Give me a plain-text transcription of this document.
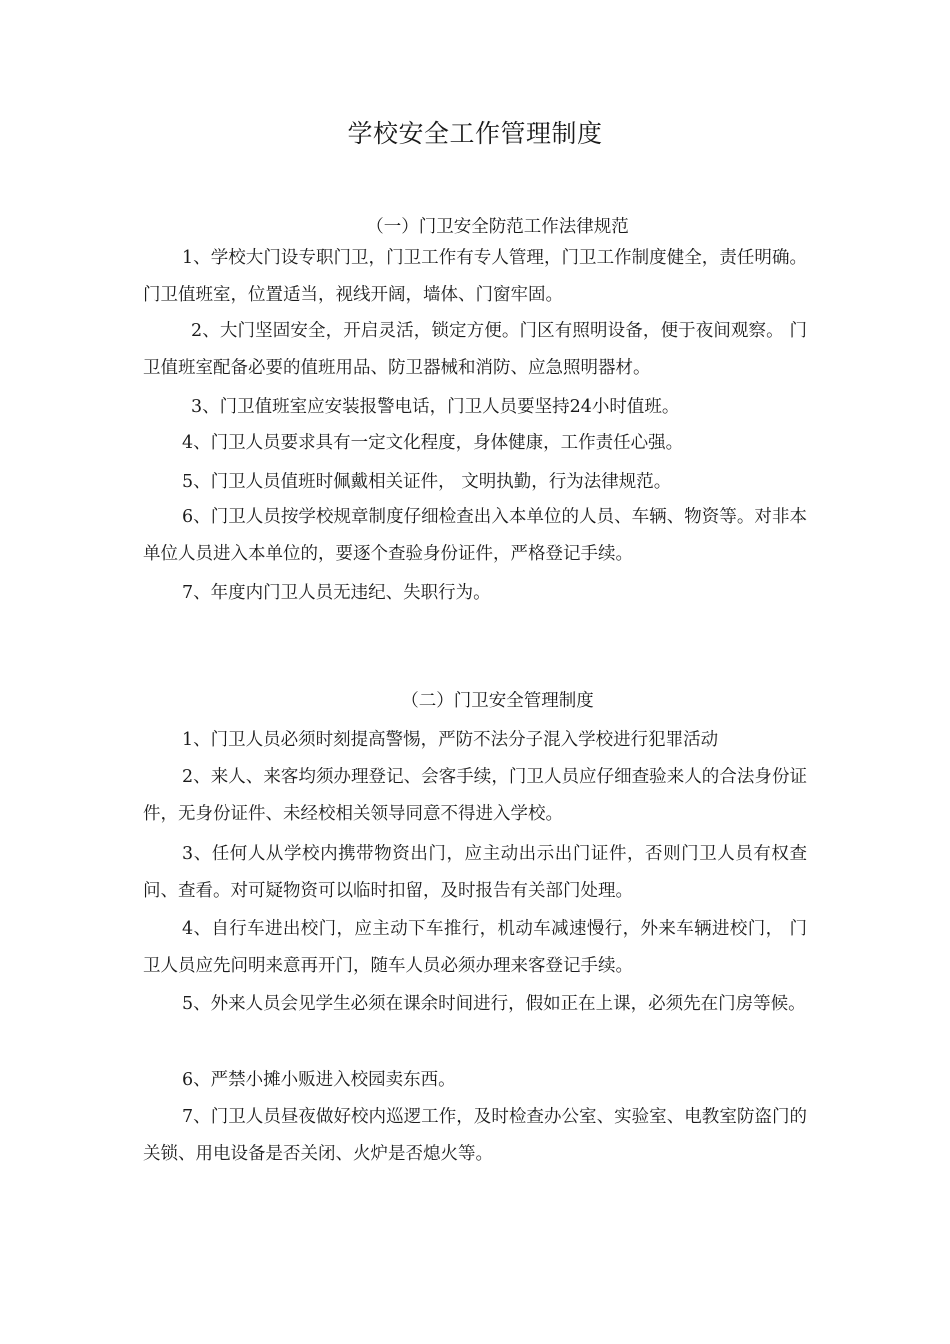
学校安全工作管理制度
（一）门卫安全防范工作法律规范

1、学校大门设专职门卫，门卫工作有专人管理，门卫工作制度健全，责任明确。门卫值班室，位置适当，视线开阔，墙体、门窗牢固。

2、大门坚固安全，开启灵活，锁定方便。门区有照明设备，便于夜间观察。 门卫值班室配备必要的值班用品、防卫器械和消防、应急照明器材。

3、门卫值班室应安装报警电话，门卫人员要坚持24小时值班。

4、门卫人员要求具有一定文化程度，身体健康，工作责任心强。

5、门卫人员值班时佩戴相关证件， 文明执勤，行为法律规范。

6、门卫人员按学校规章制度仔细检查出入本单位的人员、车辆、物资等。对非本单位人员进入本单位的，要逐个查验身份证件，严格登记手续。

7、年度内门卫人员无违纪、失职行为。

（二）门卫安全管理制度

1、门卫人员必须时刻提高警惕，严防不法分子混入学校进行犯罪活动

2、来人、来客均须办理登记、会客手续，门卫人员应仔细查验来人的合法身份证件，无身份证件、未经校相关领导同意不得进入学校。

3、任何人从学校内携带物资出门，应主动出示出门证件，否则门卫人员有权查问、查看。对可疑物资可以临时扣留，及时报告有关部门处理。

4、自行车进出校门，应主动下车推行，机动车减速慢行，外来车辆进校门， 门卫人员应先问明来意再开门，随车人员必须办理来客登记手续。

5、外来人员会见学生必须在课余时间进行，假如正在上课，必须先在门房等候。

6、严禁小摊小贩进入校园卖东西。

7、门卫人员昼夜做好校内巡逻工作，及时检查办公室、实验室、电教室防盗门的关锁、用电设备是否关闭、火炉是否熄火等。
